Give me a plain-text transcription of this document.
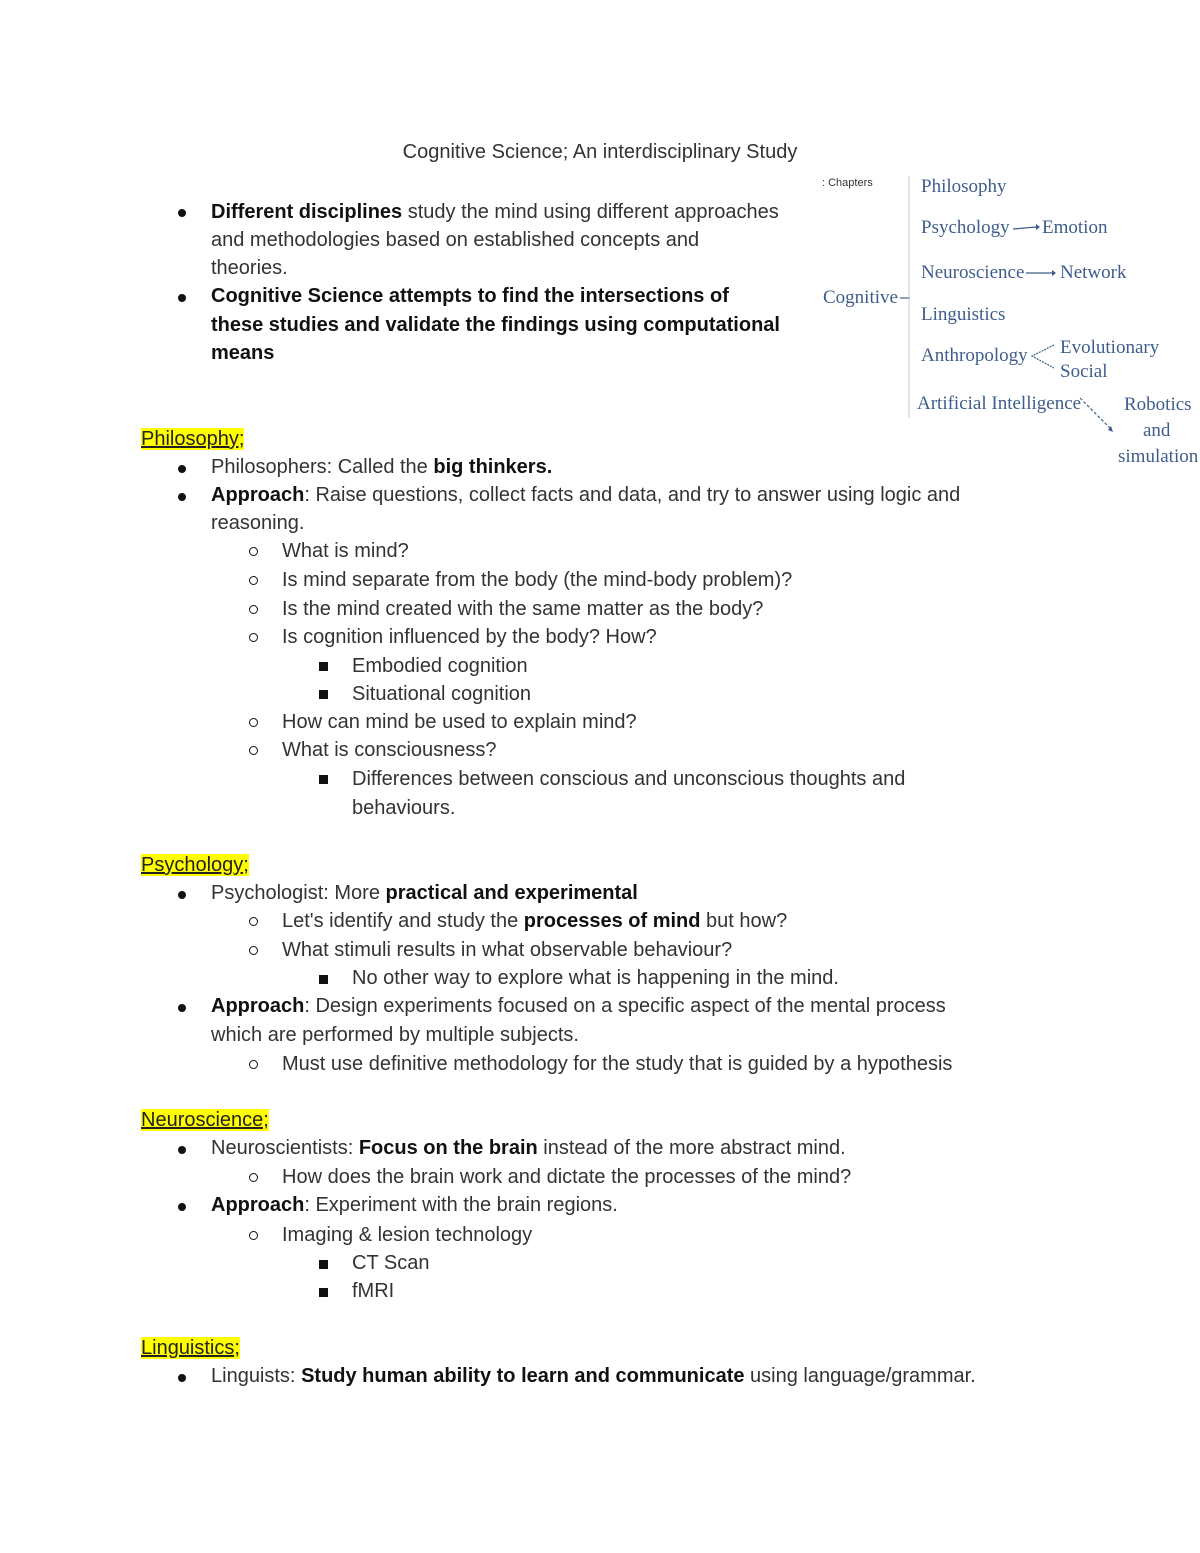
Cognitive Science; An interdisciplinary Study
Different disciplines study the mind using different approaches
and methodologies based on established concepts and
theories.
Cognitive Science attempts to find the intersections of
these studies and validate the findings using computational
means
: Chapters
Cognitive
Philosophy
Psychology Emotion
Neuroscience Network
Linguistics
Anthropology Evolutionary
Social
Artificial Intelligence Robotics
and
simulation
Philosophy;
Philosophers: Called the big thinkers.
Approach: Raise questions, collect facts and data, and try to answer using logic and
reasoning.
What is mind?
Is mind separate from the body (the mind-body problem)?
Is the mind created with the same matter as the body?
Is cognition influenced by the body? How?
Embodied cognition
Situational cognition
How can mind be used to explain mind?
What is consciousness?
Differences between conscious and unconscious thoughts and
behaviours.
Psychology;
Psychologist: More practical and experimental
Let's identify and study the processes of mind but how?
What stimuli results in what observable behaviour?
No other way to explore what is happening in the mind.
Approach: Design experiments focused on a specific aspect of the mental process
which are performed by multiple subjects.
Must use definitive methodology for the study that is guided by a hypothesis
Neuroscience;
Neuroscientists: Focus on the brain instead of the more abstract mind.
How does the brain work and dictate the processes of the mind?
Approach: Experiment with the brain regions.
Imaging & lesion technology
CT Scan
fMRI
Linguistics;
Linguists: Study human ability to learn and communicate using language/grammar.
